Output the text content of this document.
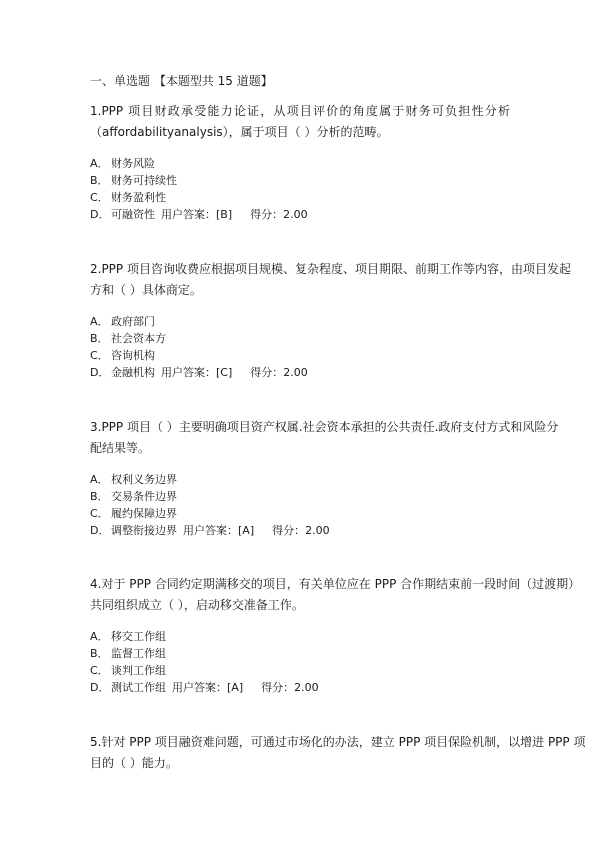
一、单选题 【本题型共 15 道题】
1.PPP 项目财政承受能力论证，从项目评价的角度属于财务可负担性分析
（affordabilityanalysis），属于项目（ ）分析的范畴。
A． 财务风险
B． 财务可持续性
C． 财务盈利性
D． 可融资性 用户答案：[B] 得分：2.00
2.PPP 项目咨询收费应根据项目规模、复杂程度、项目期限、前期工作等内容，由项目发起
方和（ ）具体商定。
A． 政府部门
B． 社会资本方
C． 咨询机构
D． 金融机构 用户答案：[C] 得分：2.00
3.PPP 项目（ ）主要明确项目资产权属.社会资本承担的公共责任.政府支付方式和风险分
配结果等。
A． 权利义务边界
B． 交易条件边界
C． 履约保障边界
D． 调整衔接边界 用户答案：[A] 得分：2.00
4.对于 PPP 合同约定期满移交的项目，有关单位应在 PPP 合作期结束前一段时间（过渡期）
共同组织成立（ ），启动移交准备工作。
A． 移交工作组
B． 监督工作组
C． 谈判工作组
D． 测试工作组 用户答案：[A] 得分：2.00
5.针对 PPP 项目融资难问题，可通过市场化的办法，建立 PPP 项目保险机制，以增进 PPP 项
目的（ ）能力。
